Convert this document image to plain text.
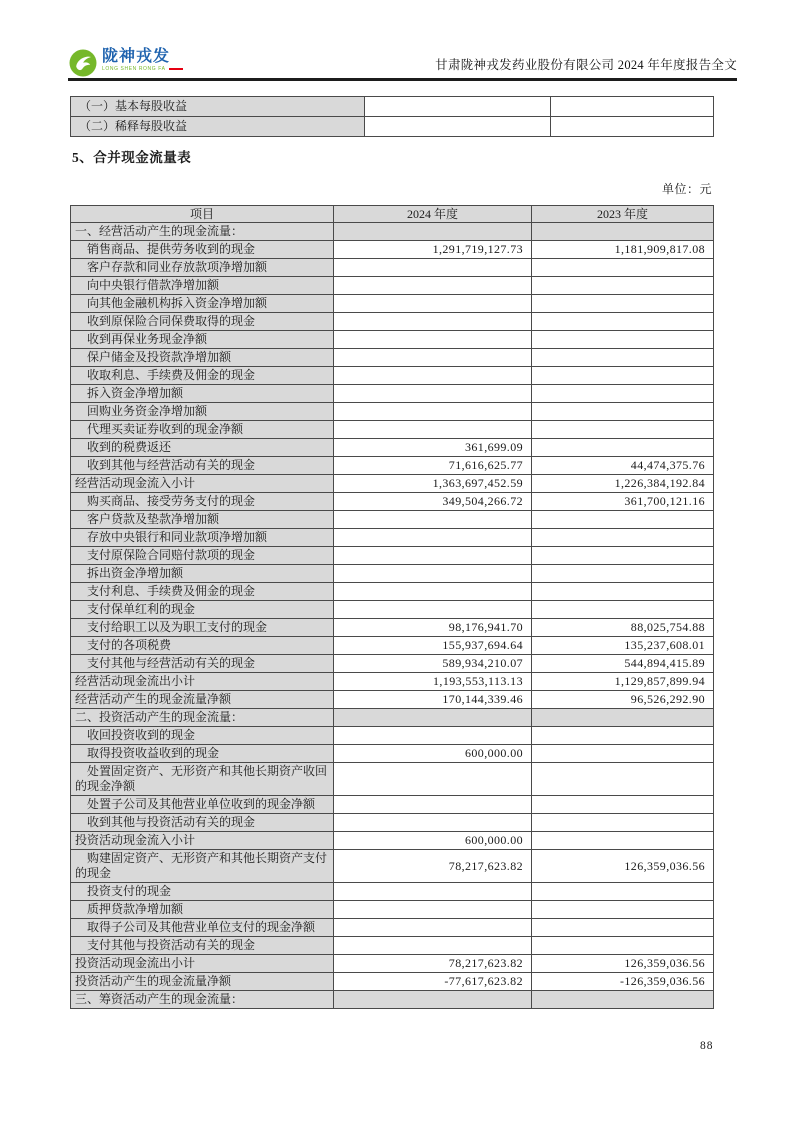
陇神戎发
LONG SHEN RONG FA	甘肃陇神戎发药业股份有限公司 2024 年年度报告全文
（一）基本每股收益		
（二）稀释每股收益		
5、合并现金流量表
单位：元
项目	2024 年度	2023 年度
一、经营活动产生的现金流量：		
销售商品、提供劳务收到的现金	1,291,719,127.73	1,181,909,817.08
客户存款和同业存放款项净增加额		
向中央银行借款净增加额		
向其他金融机构拆入资金净增加额		
收到原保险合同保费取得的现金		
收到再保业务现金净额		
保户储金及投资款净增加额		
收取利息、手续费及佣金的现金		
拆入资金净增加额		
回购业务资金净增加额		
代理买卖证券收到的现金净额		
收到的税费返还	361,699.09	
收到其他与经营活动有关的现金	71,616,625.77	44,474,375.76
经营活动现金流入小计	1,363,697,452.59	1,226,384,192.84
购买商品、接受劳务支付的现金	349,504,266.72	361,700,121.16
客户贷款及垫款净增加额		
存放中央银行和同业款项净增加额		
支付原保险合同赔付款项的现金		
拆出资金净增加额		
支付利息、手续费及佣金的现金		
支付保单红利的现金		
支付给职工以及为职工支付的现金	98,176,941.70	88,025,754.88
支付的各项税费	155,937,694.64	135,237,608.01
支付其他与经营活动有关的现金	589,934,210.07	544,894,415.89
经营活动现金流出小计	1,193,553,113.13	1,129,857,899.94
经营活动产生的现金流量净额	170,144,339.46	96,526,292.90
二、投资活动产生的现金流量：		
收回投资收到的现金		
取得投资收益收到的现金	600,000.00	
处置固定资产、无形资产和其他长期资产收回的现金净额		
处置子公司及其他营业单位收到的现金净额		
收到其他与投资活动有关的现金		
投资活动现金流入小计	600,000.00	
购建固定资产、无形资产和其他长期资产支付的现金	78,217,623.82	126,359,036.56
投资支付的现金		
质押贷款净增加额		
取得子公司及其他营业单位支付的现金净额		
支付其他与投资活动有关的现金		
投资活动现金流出小计	78,217,623.82	126,359,036.56
投资活动产生的现金流量净额	-77,617,623.82	-126,359,036.56
三、筹资活动产生的现金流量：		
88
